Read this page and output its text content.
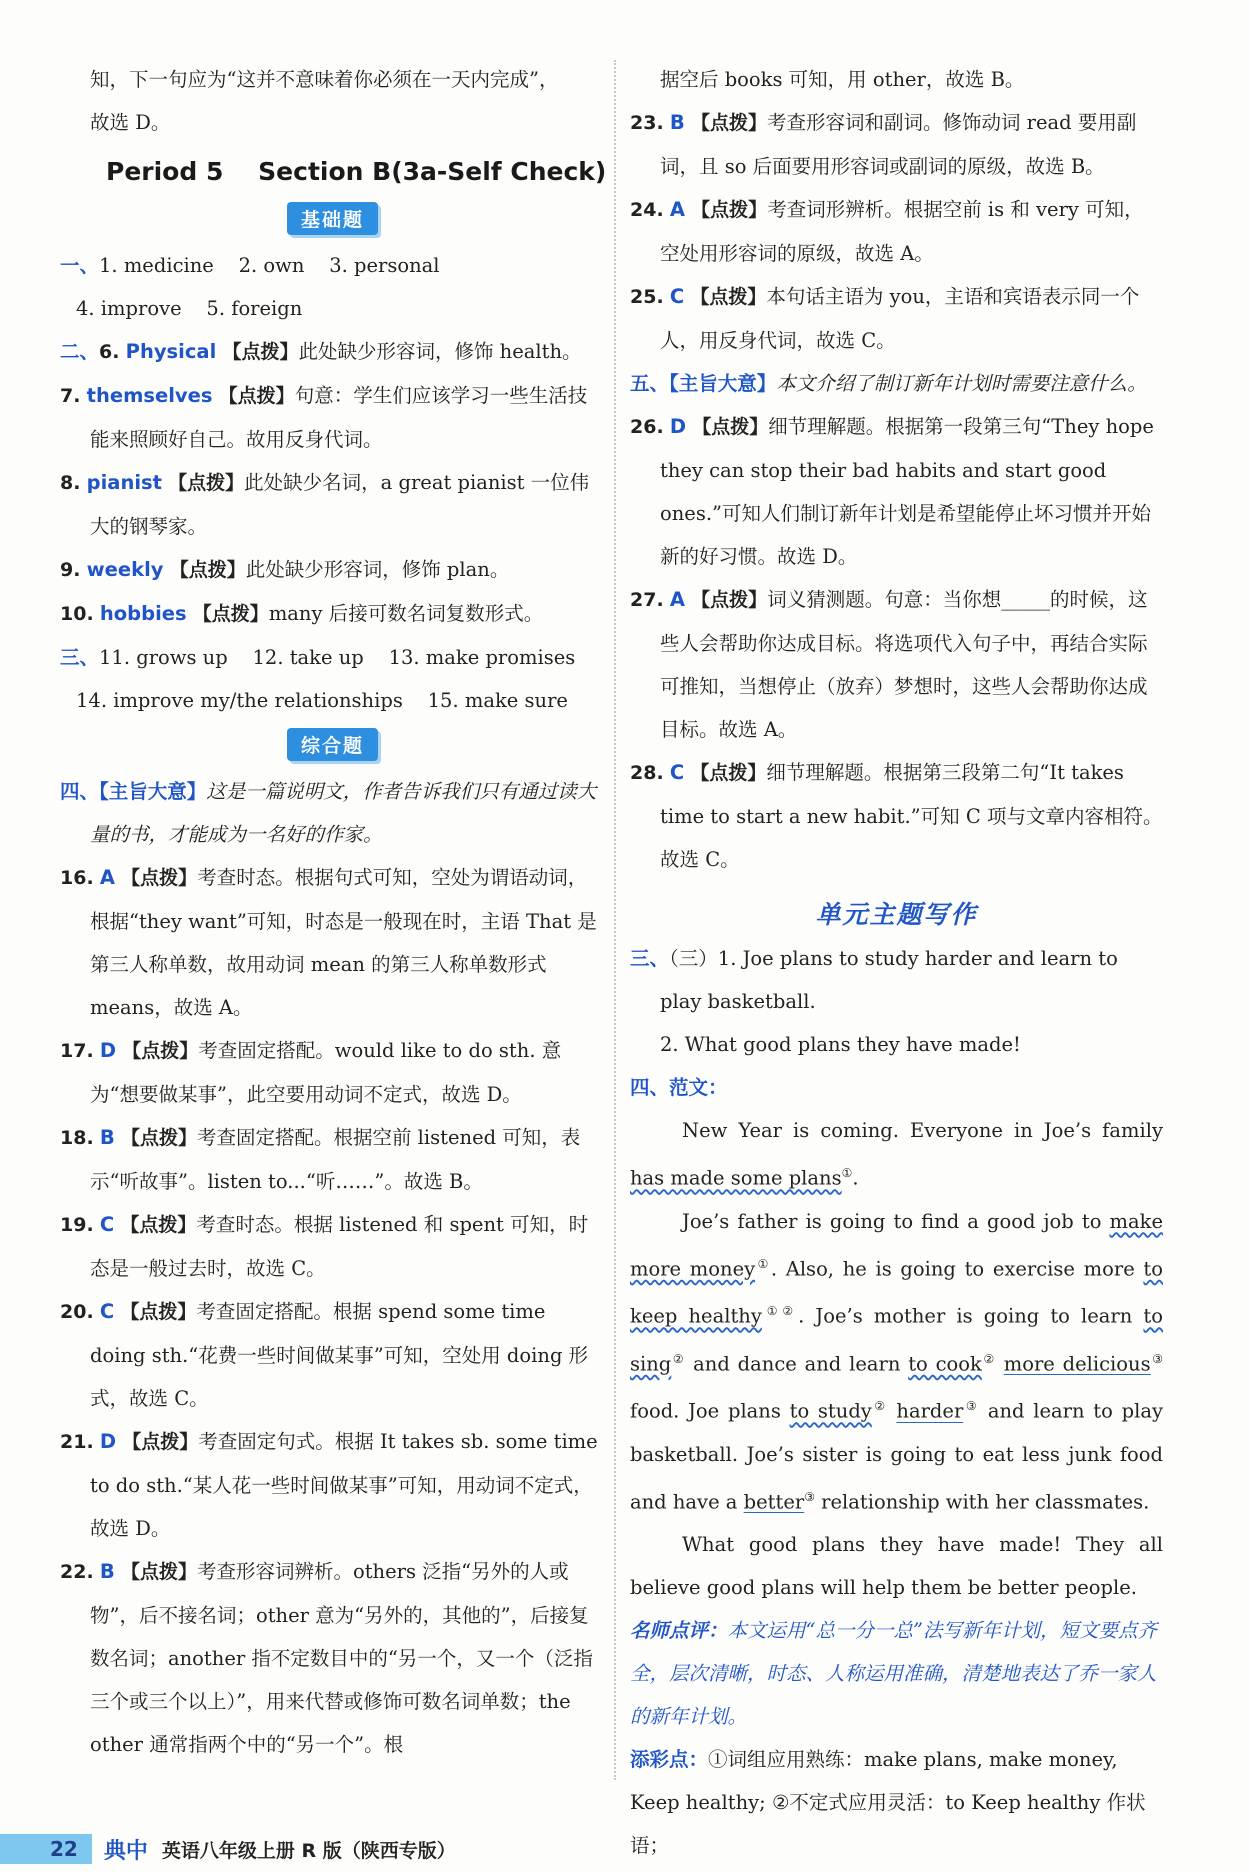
知，下一句应为“这并不意味着你必须在一天内完成”，

故选 D。

Period 5    Section B(3a-Self Check)
基础题

一、1. medicine    2. own    3. personal

4. improve    5. foreign

二、6. Physical 【点拨】此处缺少形容词，修饰 health。

7. themselves 【点拨】句意：学生们应该学习一些生活技能来照顾好自己。故用反身代词。

8. pianist 【点拨】此处缺少名词，a great pianist 一位伟大的钢琴家。

9. weekly 【点拨】此处缺少形容词，修饰 plan。

10. hobbies 【点拨】many 后接可数名词复数形式。

三、11. grows up    12. take up    13. make promises

14. improve my/the relationships    15. make sure

综合题

四、【主旨大意】这是一篇说明文，作者告诉我们只有通过读大量的书，才能成为一名好的作家。

16. A 【点拨】考查时态。根据句式可知，空处为谓语动词，根据“they want”可知，时态是一般现在时，主语 That 是第三人称单数，故用动词 mean 的第三人称单数形式 means，故选 A。

17. D 【点拨】考查固定搭配。would like to do sth. 意为“想要做某事”，此空要用动词不定式，故选 D。

18. B 【点拨】考查固定搭配。根据空前 listened 可知，表示“听故事”。listen to...“听……”。故选 B。

19. C 【点拨】考查时态。根据 listened 和 spent 可知，时态是一般过去时，故选 C。

20. C 【点拨】考查固定搭配。根据 spend some time doing sth.“花费一些时间做某事”可知，空处用 doing 形式，故选 C。

21. D 【点拨】考查固定句式。根据 It takes sb. some time to do sth.“某人花一些时间做某事”可知，用动词不定式，故选 D。

22. B 【点拨】考查形容词辨析。others 泛指“另外的人或物”，后不接名词；other 意为“另外的，其他的”，后接复数名词；another 指不定数目中的“另一个，又一个（泛指三个或三个以上）”，用来代替或修饰可数名词单数；the other 通常指两个中的“另一个”。根

据空后 books 可知，用 other，故选 B。

23. B 【点拨】考查形容词和副词。修饰动词 read 要用副词，且 so 后面要用形容词或副词的原级，故选 B。

24. A 【点拨】考查词形辨析。根据空前 is 和 very 可知，空处用形容词的原级，故选 A。

25. C 【点拨】本句话主语为 you，主语和宾语表示同一个人，用反身代词，故选 C。

五、【主旨大意】本文介绍了制订新年计划时需要注意什么。

26. D 【点拨】细节理解题。根据第一段第三句“They hope they can stop their bad habits and start good ones.”可知人们制订新年计划是希望能停止坏习惯并开始新的好习惯。故选 D。

27. A 【点拨】词义猜测题。句意：当你想_____的时候，这些人会帮助你达成目标。将选项代入句子中，再结合实际可推知，当想停止（放弃）梦想时，这些人会帮助你达成目标。故选 A。

28. C 【点拨】细节理解题。根据第三段第二句“It takes time to start a new habit.”可知 C 项与文章内容相符。故选 C。

单元主题写作

三、（三）1. Joe plans to study harder and learn to play basketball.

2. What good plans they have made!

四、范文：

New Year is coming. Everyone in Joe’s family has made some plans①.

Joe’s father is going to find a good job to make more money①. Also, he is going to exercise more to keep healthy①②. Joe’s mother is going to learn to sing② and dance and learn to cook② more delicious③ food. Joe plans to study② harder③ and learn to play basketball. Joe’s sister is going to eat less junk food and have a better③ relationship with her classmates.

What good plans they have made! They all believe good plans will help them be better people.

名师点评：本文运用“总一分一总”法写新年计划，短文要点齐全，层次清晰，时态、人称运用准确，清楚地表达了乔一家人的新年计划。

添彩点：①词组应用熟练：make plans, make money, Keep healthy; ②不定式应用灵活：to Keep healthy 作状语；

22	典中 英语八年级上册 R 版（陕西专版）
